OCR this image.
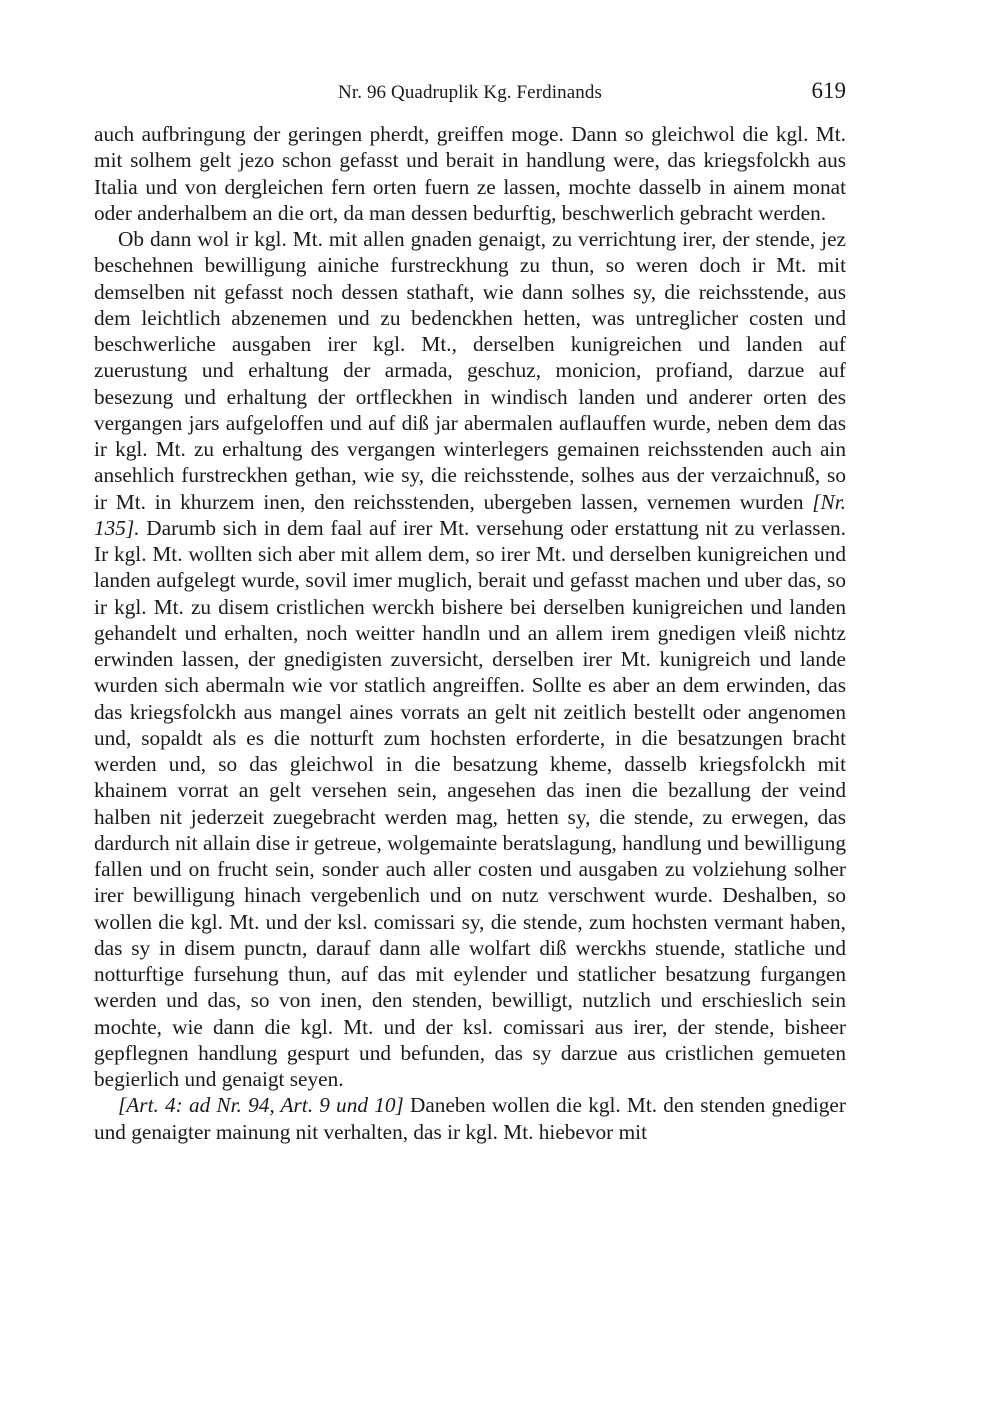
Nr. 96 Quadruplik Kg. Ferdinands	619

auch aufbringung der geringen pherdt, greiffen moge. Dann so gleichwol die kgl. Mt. mit solhem gelt jezo schon gefasst und berait in handlung were, das kriegsfolckh aus Italia und von dergleichen fern orten fuern ze lassen, mochte dasselb in ainem monat oder anderhalbem an die ort, da man dessen bedurftig, beschwerlich gebracht werden.

Ob dann wol ir kgl. Mt. mit allen gnaden genaigt, zu verrichtung irer, der stende, jez beschehnen bewilligung ainiche furstreckhung zu thun, so weren doch ir Mt. mit demselben nit gefasst noch dessen stathaft, wie dann solhes sy, die reichsstende, aus dem leichtlich abzenemen und zu bedenckhen hetten, was untreglicher costen und beschwerliche ausgaben irer kgl. Mt., derselben kunigreichen und landen auf zuerustung und erhaltung der armada, geschuz, monicion, profiand, darzue auf besezung und erhaltung der ortfleckhen in windisch landen und anderer orten des vergangen jars aufgeloffen und auf diß jar abermalen auflauffen wurde, neben dem das ir kgl. Mt. zu erhaltung des vergangen winterlegers gemainen reichsstenden auch ain ansehlich furstreckhen gethan, wie sy, die reichsstende, solhes aus der verzaichnuß, so ir Mt. in khurzem inen, den reichsstenden, ubergeben lassen, vernemen wurden [Nr. 135]. Darumb sich in dem faal auf irer Mt. versehung oder erstattung nit zu verlassen. Ir kgl. Mt. wollten sich aber mit allem dem, so irer Mt. und derselben kunigreichen und landen aufgelegt wurde, sovil imer muglich, berait und gefasst machen und uber das, so ir kgl. Mt. zu disem cristlichen werckh bishere bei derselben kunigreichen und landen gehandelt und erhalten, noch weitter handln und an allem irem gnedigen vleiß nichtz erwinden lassen, der gnedigisten zuversicht, derselben irer Mt. kunigreich und lande wurden sich abermaln wie vor statlich angreiffen. Sollte es aber an dem erwinden, das das kriegsfolckh aus mangel aines vorrats an gelt nit zeitlich bestellt oder angenomen und, sopaldt als es die notturft zum hochsten erforderte, in die besatzungen bracht werden und, so das gleichwol in die besatzung kheme, dasselb kriegsfolckh mit khainem vorrat an gelt versehen sein, angesehen das inen die bezallung der veind halben nit jederzeit zuegebracht werden mag, hetten sy, die stende, zu erwegen, das dardurch nit allain dise ir getreue, wolgemainte beratslagung, handlung und bewilligung fallen und on frucht sein, sonder auch aller costen und ausgaben zu volziehung solher irer bewilligung hinach vergebenlich und on nutz verschwent wurde. Deshalben, so wollen die kgl. Mt. und der ksl. comissari sy, die stende, zum hochsten vermant haben, das sy in disem punctn, darauf dann alle wolfart diß werckhs stuende, statliche und notturftige fursehung thun, auf das mit eylender und statlicher besatzung furgangen werden und das, so von inen, den stenden, bewilligt, nutzlich und erschieslich sein mochte, wie dann die kgl. Mt. und der ksl. comissari aus irer, der stende, bisheer gepflegnen handlung gespurt und befunden, das sy darzue aus cristlichen gemueten begierlich und genaigt seyen.

[Art. 4: ad Nr. 94, Art. 9 und 10] Daneben wollen die kgl. Mt. den stenden gnediger und genaigter mainung nit verhalten, das ir kgl. Mt. hiebevor mit
